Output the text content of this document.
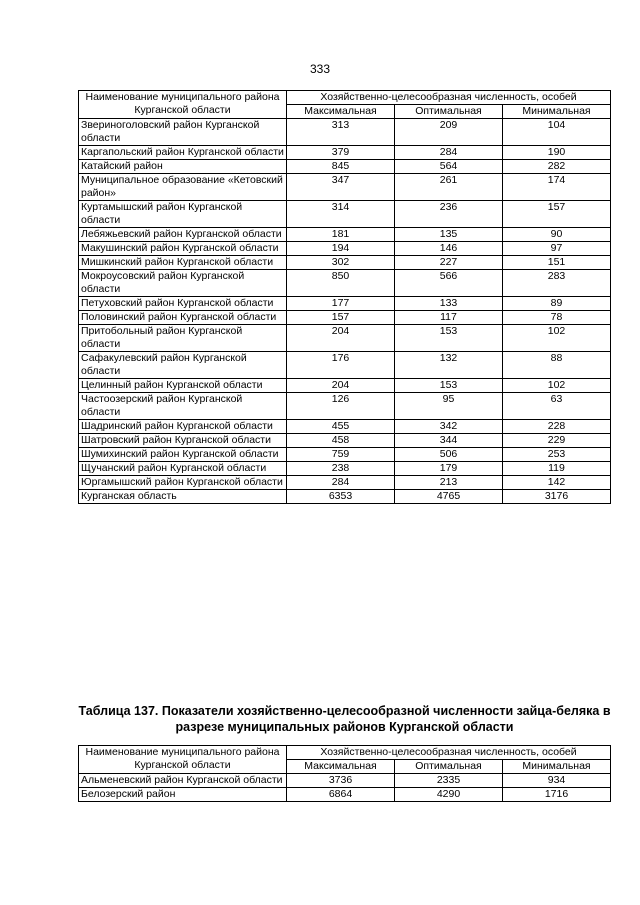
333
Наименование муниципального района Курганской области	Хозяйственно-целесообразная численность, особей		
	Максимальная	Оптимальная	Минимальная
Звериноголовский район Курганской области	313	209	104
Каргапольский район Курганской области	379	284	190
Катайский район	845	564	282
Муниципальное образование «Кетовский район»	347	261	174
Куртамышский район Курганской области	314	236	157
Лебяжьевский район Курганской области	181	135	90
Макушинский район Курганской области	194	146	97
Мишкинский район Курганской области	302	227	151
Мокроусовский район Курганской области	850	566	283
Петуховский район Курганской области	177	133	89
Половинский район Курганской области	157	117	78
Притобольный район Курганской области	204	153	102
Сафакулевский район Курганской области	176	132	88
Целинный район Курганской области	204	153	102
Частоозерский район Курганской области	126	95	63
Шадринский район Курганской области	455	342	228
Шатровский район Курганской области	458	344	229
Шумихинский район Курганской области	759	506	253
Щучанский район Курганской области	238	179	119
Юргамышский район Курганской области	284	213	142
Курганская область	6353	4765	3176
Таблица 137. Показатели хозяйственно-целесообразной численности зайца-беляка в разрезе муниципальных районов Курганской области
Наименование муниципального района Курганской области	Хозяйственно-целесообразная численность, особей		
	Максимальная	Оптимальная	Минимальная
Альменевский район Курганской области	3736	2335	934
Белозерский район	6864	4290	1716
